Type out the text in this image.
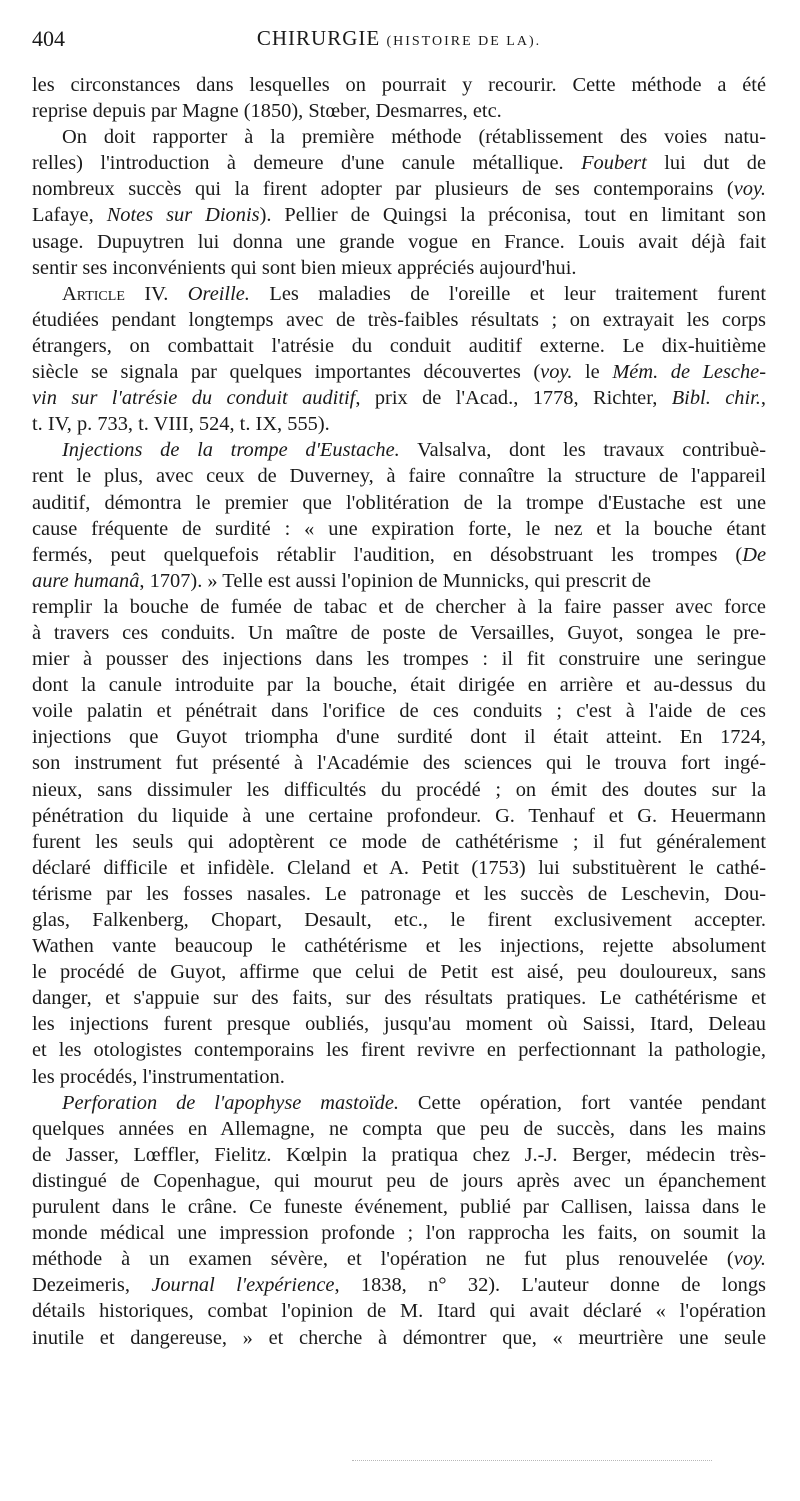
404	CHIRURGIE (HISTOIRE DE LA).
les circonstances dans lesquelles on pourrait y recourir. Cette méthode a été
reprise depuis par Magne (1850), Stœber, Desmarres, etc.
On doit rapporter à la première méthode (rétablissement des voies natu-
relles) l'introduction à demeure d'une canule métallique. Foubert lui dut de
nombreux succès qui la firent adopter par plusieurs de ses contemporains (voy.
Lafaye, Notes sur Dionis). Pellier de Quingsi la préconisa, tout en limitant son
usage. Dupuytren lui donna une grande vogue en France. Louis avait déjà fait
sentir ses inconvénients qui sont bien mieux appréciés aujourd'hui.
Article IV. Oreille. Les maladies de l'oreille et leur traitement furent
étudiées pendant longtemps avec de très-faibles résultats ; on extrayait les corps
étrangers, on combattait l'atrésie du conduit auditif externe. Le dix-huitième
siècle se signala par quelques importantes découvertes (voy. le Mém. de Lesche-
vin sur l'atrésie du conduit auditif, prix de l'Acad., 1778, Richter, Bibl. chir.,
t. IV, p. 733, t. VIII, 524, t. IX, 555).
Injections de la trompe d'Eustache. Valsalva, dont les travaux contribuè-
rent le plus, avec ceux de Duverney, à faire connaître la structure de l'appareil
auditif, démontra le premier que l'oblitération de la trompe d'Eustache est une
cause fréquente de surdité : « une expiration forte, le nez et la bouche étant
fermés, peut quelquefois rétablir l'audition, en désobstruant les trompes (De
aure humanâ, 1707). » Telle est aussi l'opinion de Munnicks, qui prescrit de
remplir la bouche de fumée de tabac et de chercher à la faire passer avec force
à travers ces conduits. Un maître de poste de Versailles, Guyot, songea le pre-
mier à pousser des injections dans les trompes : il fit construire une seringue
dont la canule introduite par la bouche, était dirigée en arrière et au-dessus du
voile palatin et pénétrait dans l'orifice de ces conduits ; c'est à l'aide de ces
injections que Guyot triompha d'une surdité dont il était atteint. En 1724,
son instrument fut présenté à l'Académie des sciences qui le trouva fort ingé-
nieux, sans dissimuler les difficultés du procédé ; on émit des doutes sur la
pénétration du liquide à une certaine profondeur. G. Tenhauf et G. Heuermann
furent les seuls qui adoptèrent ce mode de cathétérisme ; il fut généralement
déclaré difficile et infidèle. Cleland et A. Petit (1753) lui substituèrent le cathé-
térisme par les fosses nasales. Le patronage et les succès de Leschevin, Dou-
glas, Falkenberg, Chopart, Desault, etc., le firent exclusivement accepter.
Wathen vante beaucoup le cathétérisme et les injections, rejette absolument
le procédé de Guyot, affirme que celui de Petit est aisé, peu douloureux, sans
danger, et s'appuie sur des faits, sur des résultats pratiques. Le cathétérisme et
les injections furent presque oubliés, jusqu'au moment où Saissi, Itard, Deleau
et les otologistes contemporains les firent revivre en perfectionnant la pathologie,
les procédés, l'instrumentation.
Perforation de l'apophyse mastoïde. Cette opération, fort vantée pendant
quelques années en Allemagne, ne compta que peu de succès, dans les mains
de Jasser, Lœffler, Fielitz. Kœlpin la pratiqua chez J.-J. Berger, médecin très-
distingué de Copenhague, qui mourut peu de jours après avec un épanchement
purulent dans le crâne. Ce funeste événement, publié par Callisen, laissa dans le
monde médical une impression profonde ; l'on rapprocha les faits, on soumit la
méthode à un examen sévère, et l'opération ne fut plus renouvelée (voy.
Dezeimeris, Journal l'expérience, 1838, n° 32). L'auteur donne de longs
détails historiques, combat l'opinion de M. Itard qui avait déclaré « l'opération
inutile et dangereuse, » et cherche à démontrer que, « meurtrière une seule
